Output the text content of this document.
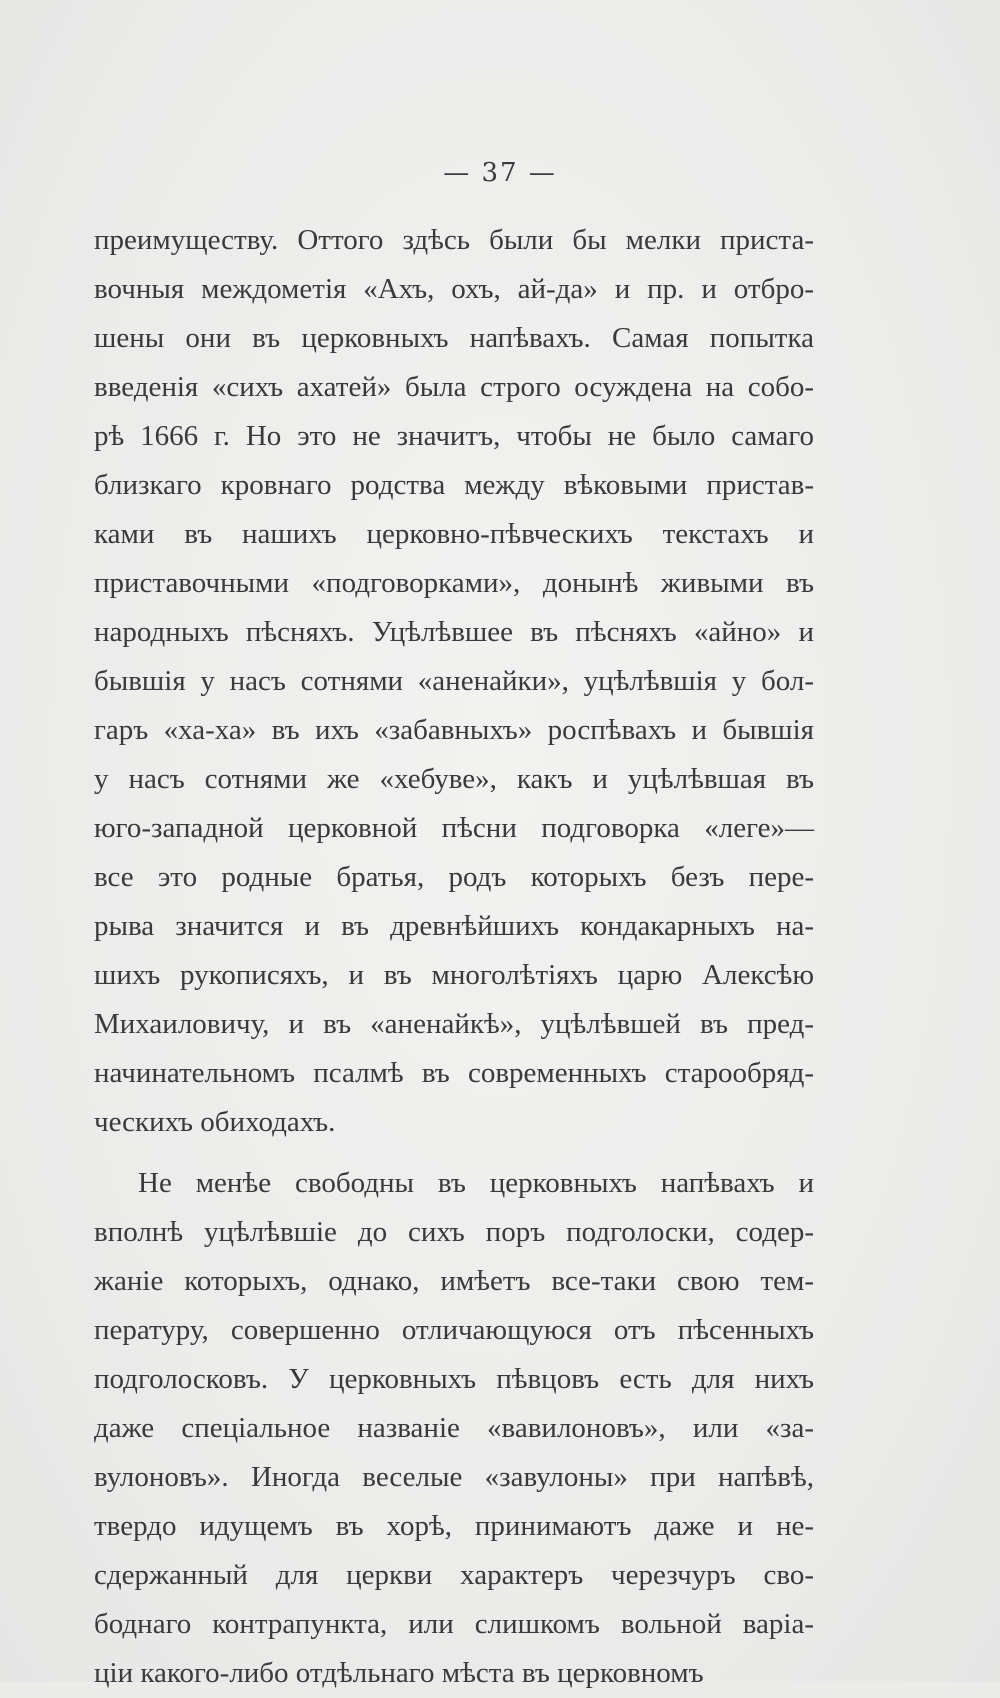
— 37 —
преимуществу. Оттого здѣсь были бы мелки приста-
вочныя междометія «Ахъ, охъ, ай-да» и пр. и отбро-
шены они въ церковныхъ напѣвахъ. Самая попытка
введенія «сихъ ахатей» была строго осуждена на собо-
рѣ 1666 г. Но это не значитъ, чтобы не было самаго
близкаго кровнаго родства между вѣковыми пристав-
ками въ нашихъ церковно-пѣвческихъ текстахъ и
приставочными «подговорками», донынѣ живыми въ
народныхъ пѣсняхъ. Уцѣлѣвшее въ пѣсняхъ «айно» и
бывшія у насъ сотнями «аненайки», уцѣлѣвшія у бол-
гаръ «ха-ха» въ ихъ «забавныхъ» роспѣвахъ и бывшія
у насъ сотнями же «хебуве», какъ и уцѣлѣвшая въ
юго-западной церковной пѣсни подговорка «леге»—
все это родные братья, родъ которыхъ безъ пере-
рыва значится и въ древнѣйшихъ кондакарныхъ на-
шихъ рукописяхъ, и въ многолѣтіяхъ царю Алексѣю
Михаиловичу, и въ «аненайкѣ», уцѣлѣвшей въ пред-
начинательномъ псалмѣ въ современныхъ старообряд-
ческихъ обиходахъ.
Не менѣе свободны въ церковныхъ напѣвахъ и
вполнѣ уцѣлѣвшіе до сихъ поръ подголоски, содер-
жаніе которыхъ, однако, имѣетъ все-таки свою тем-
пературу, совершенно отличающуюся отъ пѣсенныхъ
подголосковъ. У церковныхъ пѣвцовъ есть для нихъ
даже спеціальное названіе «вавилоновъ», или «за-
вулоновъ». Иногда веселые «завулоны» при напѣвѣ,
твердо идущемъ въ хорѣ, принимаютъ даже и не-
сдержанный для церкви характеръ черезчуръ сво-
боднаго контрапункта, или слишкомъ вольной варіа-
ціи какого-либо отдѣльнаго мѣста въ церковномъ
